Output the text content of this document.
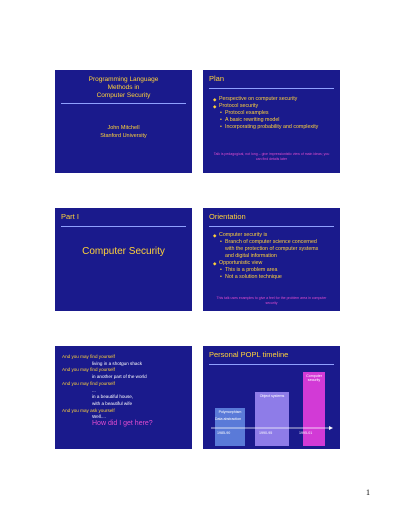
Programming Language
Methods in
Computer Security
John Mitchell
Stanford University
Plan
◆ Perspective on computer security
◆ Protocol security
• Protocol examples
• A basic rewriting model
• Incorporating probability and complexity
Talk is pedagogical, not long – give impressionistic view of main ideas; you can find details later
Part I
Computer Security
Orientation
◆ Computer security is
• Branch of computer science concerned
with the protection of computer systems
and digital information
◆ Opportunistic view
• This is a problem area
• Not a solution technique
This talk uses examples to give a feel for the problem area in computer security
And you may find yourself
living in a shotgun shack
And you may find yourself
in another part of the world
And you may find yourself
...
in a beautiful house,
with a beautiful wife
And you may ask yourself
Well....
How did I get here?
Personal POPL timeline
Computer security
Object systems
Polymorphism
Data abstraction
1985-90	1990-95	1995-01
1
